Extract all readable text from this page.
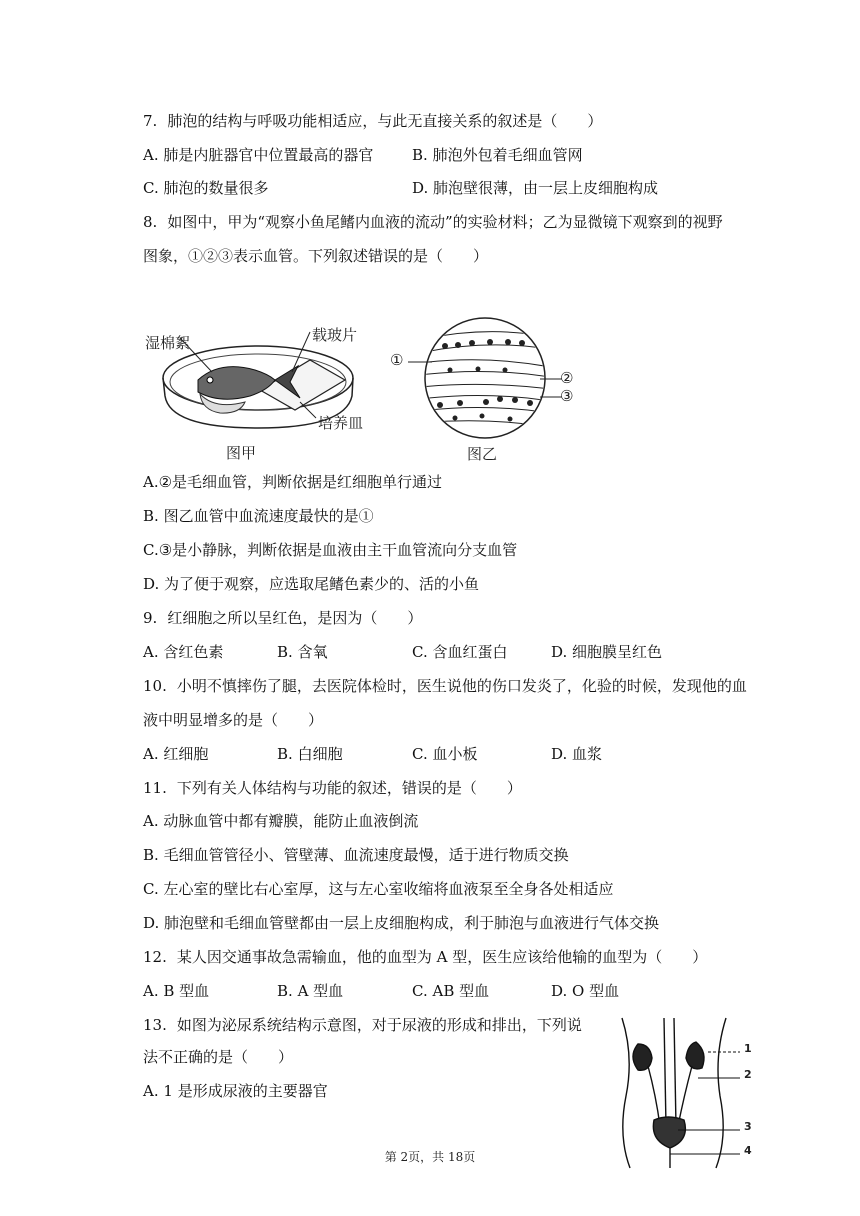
7. 肺泡的结构与呼吸功能相适应，与此无直接关系的叙述是（　　）
A. 肺是内脏器官中位置最高的器官	B. 肺泡外包着毛细血管网
C. 肺泡的数量很多	D. 肺泡壁很薄，由一层上皮细胞构成
8. 如图中，甲为“观察小鱼尾鳍内血液的流动”的实验材料；乙为显微镜下观察到的视野
图象，①②③表示血管。下列叙述错误的是（　　）
湿棉絮	载玻片
培养皿
图甲
①
②
③
图乙
A.②是毛细血管，判断依据是红细胞单行通过
B. 图乙血管中血流速度最快的是①
C.③是小静脉，判断依据是血液由主干血管流向分支血管
D. 为了便于观察，应选取尾鳍色素少的、活的小鱼
9. 红细胞之所以呈红色，是因为（　　）
A. 含红色素	B. 含氧	C. 含血红蛋白	D. 细胞膜呈红色
10. 小明不慎摔伤了腿，去医院体检时，医生说他的伤口发炎了，化验的时候，发现他的血
液中明显增多的是（　　）
A. 红细胞	B. 白细胞	C. 血小板	D. 血浆
11. 下列有关人体结构与功能的叙述，错误的是（　　）
A. 动脉血管中都有瓣膜，能防止血液倒流
B. 毛细血管管径小、管壁薄、血流速度最慢，适于进行物质交换
C. 左心室的壁比右心室厚，这与左心室收缩将血液泵至全身各处相适应
D. 肺泡壁和毛细血管壁都由一层上皮细胞构成，利于肺泡与血液进行气体交换
12. 某人因交通事故急需输血，他的血型为 A 型，医生应该给他输的血型为（　　）
A. B 型血	B. A 型血	C. AB 型血	D. O 型血
13. 如图为泌尿系统结构示意图，对于尿液的形成和排出，下列说
法不正确的是（　　）
A. 1 是形成尿液的主要器官
1
2
3
4
第 2页，共 18页
